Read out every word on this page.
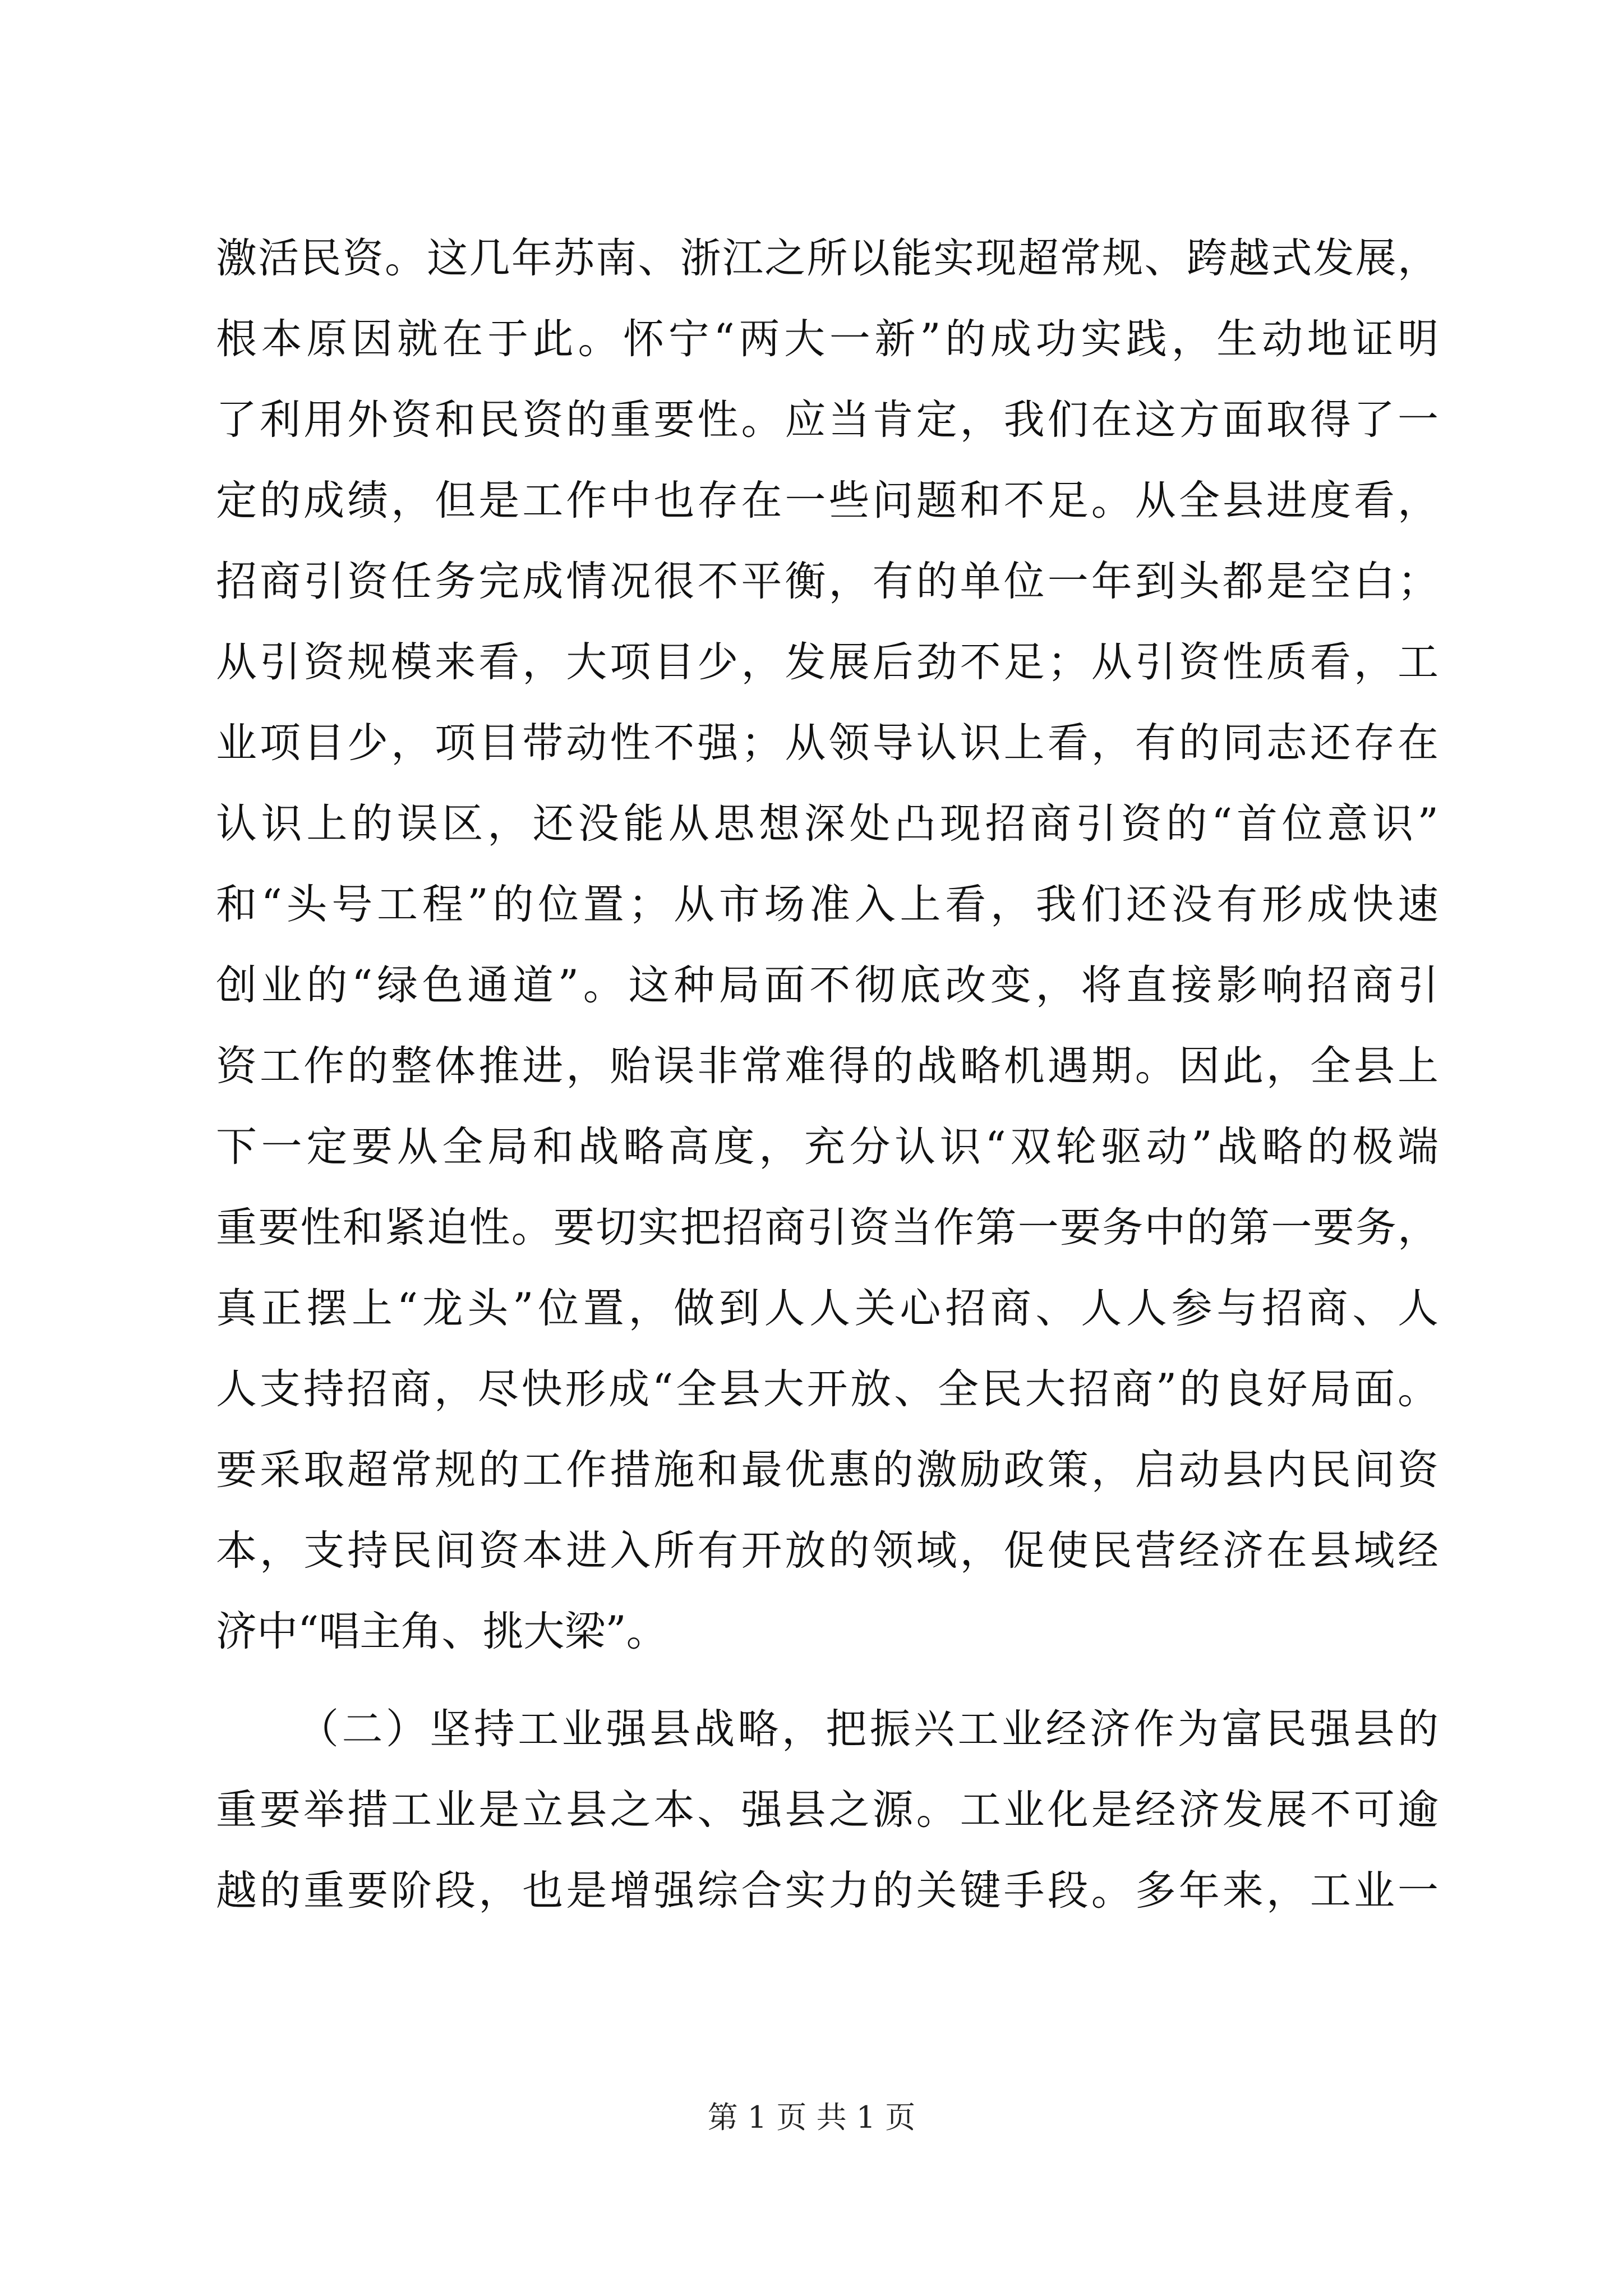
激活民资。这几年苏南、浙江之所以能实现超常规、跨越式发展，
根本原因就在于此。怀宁“两大一新”的成功实践，生动地证明
了利用外资和民资的重要性。应当肯定，我们在这方面取得了一
定的成绩，但是工作中也存在一些问题和不足。从全县进度看，
招商引资任务完成情况很不平衡，有的单位一年到头都是空白；
从引资规模来看，大项目少，发展后劲不足；从引资性质看，工
业项目少，项目带动性不强；从领导认识上看，有的同志还存在
认识上的误区，还没能从思想深处凸现招商引资的“首位意识”
和“头号工程”的位置；从市场准入上看，我们还没有形成快速
创业的“绿色通道”。这种局面不彻底改变，将直接影响招商引
资工作的整体推进，贻误非常难得的战略机遇期。因此，全县上
下一定要从全局和战略高度，充分认识“双轮驱动”战略的极端
重要性和紧迫性。要切实把招商引资当作第一要务中的第一要务，
真正摆上“龙头”位置，做到人人关心招商、人人参与招商、人
人支持招商，尽快形成“全县大开放、全民大招商”的良好局面。
要采取超常规的工作措施和最优惠的激励政策，启动县内民间资
本，支持民间资本进入所有开放的领域，促使民营经济在县域经
济中“唱主角、挑大梁”。
（二）坚持工业强县战略，把振兴工业经济作为富民强县的
重要举措工业是立县之本、强县之源。工业化是经济发展不可逾
越的重要阶段，也是增强综合实力的关键手段。多年来，工业一
第 1 页 共 1 页
